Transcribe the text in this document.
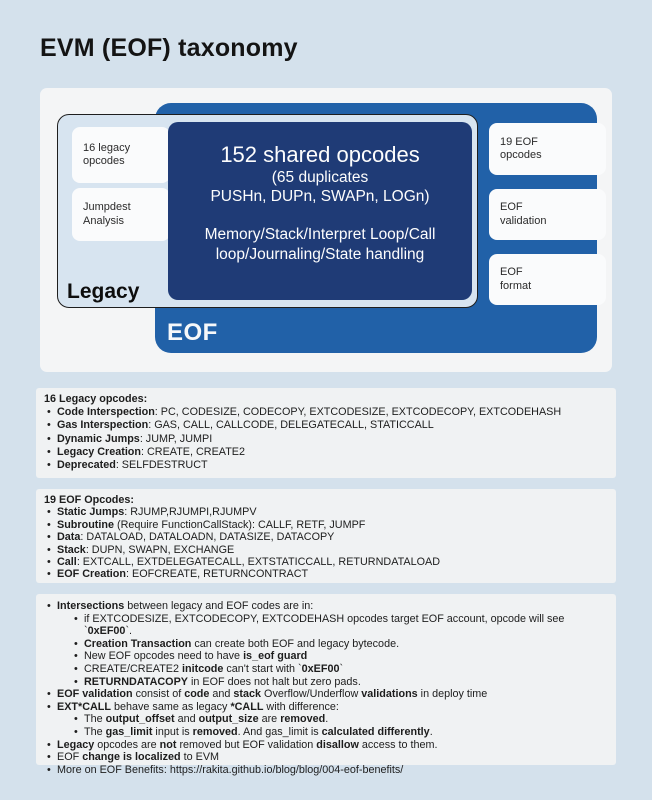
EVM (EOF) taxonomy
EOF
19 EOF opcodes
EOF validation
EOF format
16 legacy opcodes
Jumpdest Analysis
Legacy
152 shared opcodes
(65 duplicates
PUSHn, DUPn, SWAPn, LOGn)
Memory/Stack/Interpret Loop/Call loop/Journaling/State handling
16 Legacy opcodes:
• Code Interspection: PC, CODESIZE, CODECOPY, EXTCODESIZE, EXTCODECOPY, EXTCODEHASH
• Gas Interspection: GAS, CALL, CALLCODE, DELEGATECALL, STATICCALL
• Dynamic Jumps: JUMP, JUMPI
• Legacy Creation: CREATE, CREATE2
• Deprecated: SELFDESTRUCT
19 EOF Opcodes:
• Static Jumps: RJUMP,RJUMPI,RJUMPV
• Subroutine (Require FunctionCallStack): CALLF, RETF, JUMPF
• Data: DATALOAD, DATALOADN, DATASIZE, DATACOPY
• Stack: DUPN, SWAPN, EXCHANGE
• Call: EXTCALL, EXTDELEGATECALL, EXTSTATICCALL, RETURNDATALOAD
• EOF Creation: EOFCREATE, RETURNCONTRACT
• Intersections between legacy and EOF codes are in:
• if EXTCODESIZE, EXTCODECOPY, EXTCODEHASH opcodes target EOF account, opcode will see `0xEF00`.
• Creation Transaction can create both EOF and legacy bytecode.
• New EOF opcodes need to have is_eof guard
• CREATE/CREATE2 initcode can't start with `0xEF00`
• RETURNDATACOPY in EOF does not halt but zero pads.
• EOF validation consist of code and stack Overflow/Underflow validations in deploy time
• EXT*CALL behave same as legacy *CALL with difference:
• The output_offset and output_size are removed.
• The gas_limit input is removed. And gas_limit is calculated differently.
• Legacy opcodes are not removed but EOF validation disallow access to them.
• EOF change is localized to EVM
• More on EOF Benefits: https://rakita.github.io/blog/blog/004-eof-benefits/
